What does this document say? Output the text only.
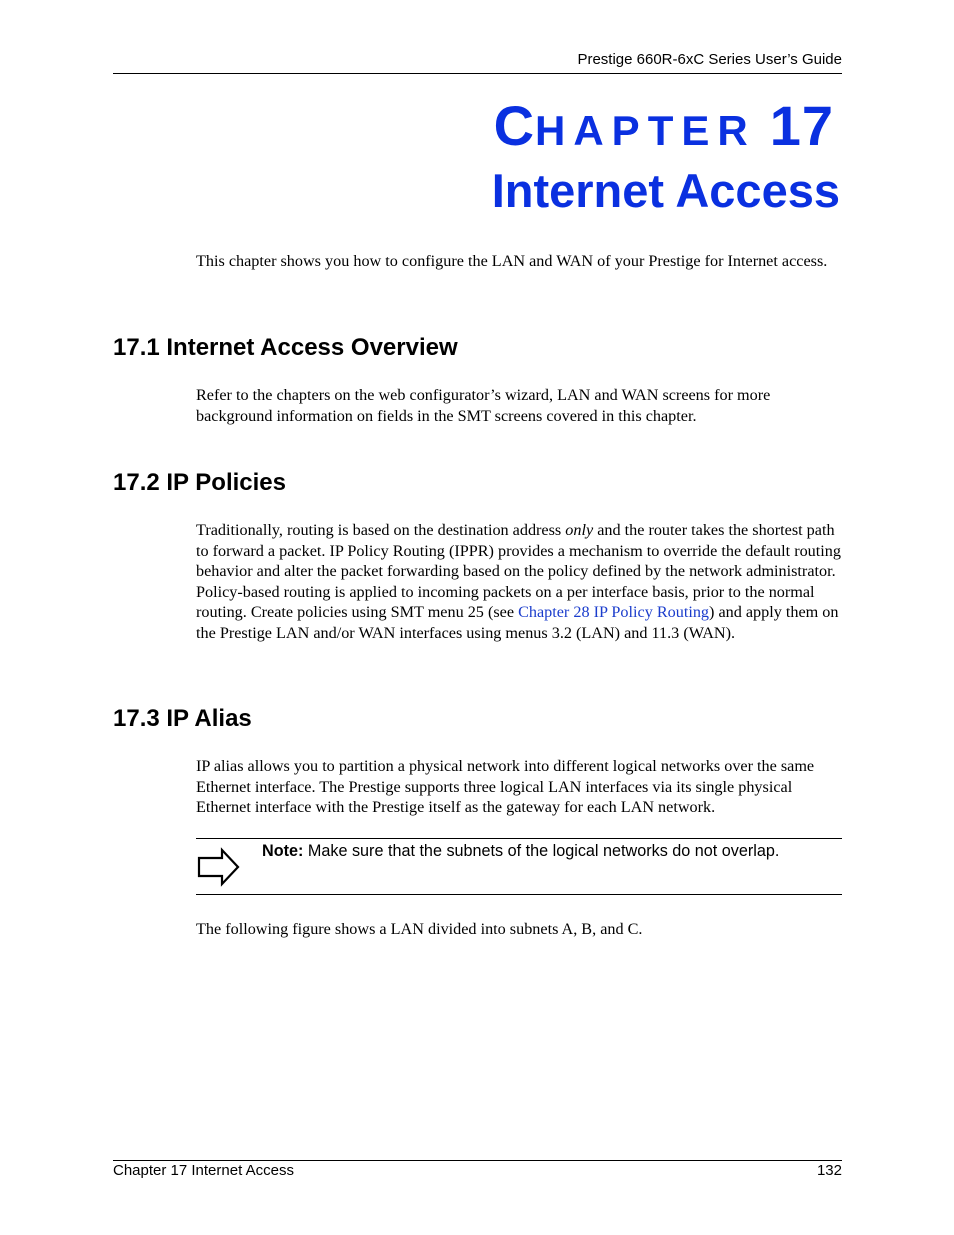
Prestige 660R-6xC Series User’s Guide
CHAPTER 17
Internet Access

This chapter shows you how to configure the LAN and WAN of your Prestige for Internet access.

17.1 Internet Access Overview

Refer to the chapters on the web configurator’s wizard, LAN and WAN screens for more background information on fields in the SMT screens covered in this chapter.

17.2 IP Policies

Traditionally, routing is based on the destination address only and the router takes the shortest path to forward a packet. IP Policy Routing (IPPR) provides a mechanism to override the default routing behavior and alter the packet forwarding based on the policy defined by the network administrator. Policy-based routing is applied to incoming packets on a per interface basis, prior to the normal routing. Create policies using SMT menu 25 (see Chapter 28 IP Policy Routing) and apply them on the Prestige LAN and/or WAN interfaces using menus 3.2 (LAN) and 11.3 (WAN).

17.3 IP Alias

IP alias allows you to partition a physical network into different logical networks over the same Ethernet interface. The Prestige supports three logical LAN interfaces via its single physical Ethernet interface with the Prestige itself as the gateway for each LAN network.

Note: Make sure that the subnets of the logical networks do not overlap.

The following figure shows a LAN divided into subnets A, B, and C.

Chapter 17 Internet Access	132
